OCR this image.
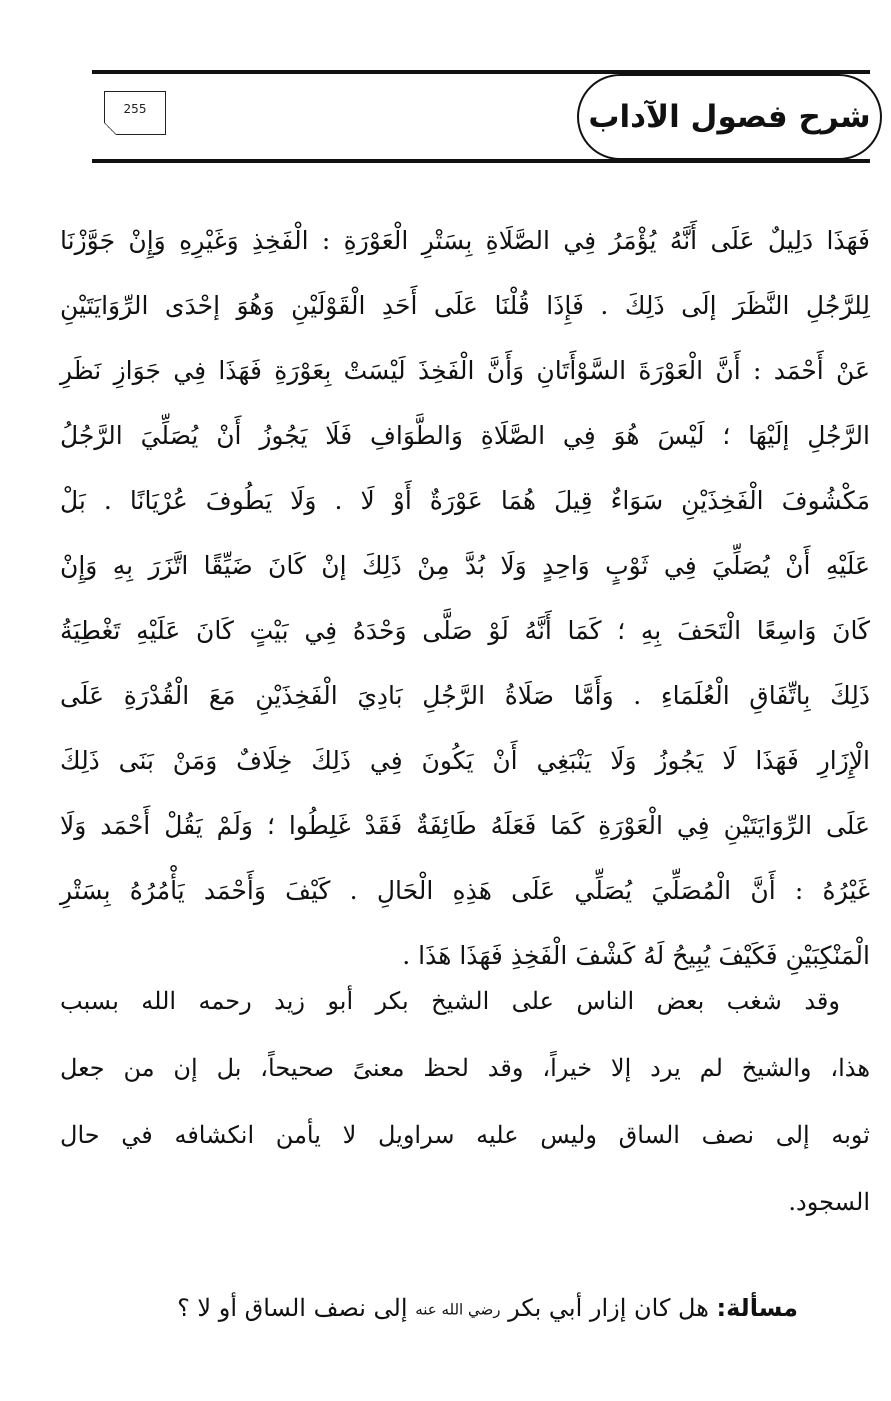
شرح فصول الآداب
255
فَهَذَا دَلِيلٌ عَلَى أَنَّهُ يُؤْمَرُ فِي الصَّلَاةِ بِسَتْرِ الْعَوْرَةِ : الْفَخِذِ وَغَيْرِهِ وَإِنْ جَوَّزْنَا
لِلرَّجُلِ النَّظَرَ إلَى ذَلِكَ . فَإِذَا قُلْنَا عَلَى أَحَدِ الْقَوْلَيْنِ وَهُوَ إحْدَى الرِّوَايَتَيْنِ
عَنْ أَحْمَد : أَنَّ الْعَوْرَةَ السَّوْأَتَانِ وَأَنَّ الْفَخِذَ لَيْسَتْ بِعَوْرَةِ فَهَذَا فِي جَوَازِ نَظَرِ
الرَّجُلِ إلَيْهَا ؛ لَيْسَ هُوَ فِي الصَّلَاةِ وَالطَّوَافِ فَلَا يَجُوزُ أَنْ يُصَلِّيَ الرَّجُلُ
مَكْشُوفَ الْفَخِذَيْنِ سَوَاءٌ قِيلَ هُمَا عَوْرَةٌ أَوْ لَا . وَلَا يَطُوفَ عُرْيَانًا . بَلْ
عَلَيْهِ أَنْ يُصَلِّيَ فِي ثَوْبٍ وَاحِدٍ وَلَا بُدَّ مِنْ ذَلِكَ إنْ كَانَ ضَيِّقًا اتَّزَرَ بِهِ وَإِنْ
كَانَ وَاسِعًا الْتَحَفَ بِهِ ؛ كَمَا أَنَّهُ لَوْ صَلَّى وَحْدَهُ فِي بَيْتٍ كَانَ عَلَيْهِ تَغْطِيَةُ
ذَلِكَ بِاتِّفَاقِ الْعُلَمَاءِ . وَأَمَّا صَلَاةُ الرَّجُلِ بَادِيَ الْفَخِذَيْنِ مَعَ الْقُدْرَةِ عَلَى
الْإِزَارِ فَهَذَا لَا يَجُوزُ وَلَا يَنْبَغِي أَنْ يَكُونَ فِي ذَلِكَ خِلَافٌ وَمَنْ بَنَى ذَلِكَ
عَلَى الرِّوَايَتَيْنِ فِي الْعَوْرَةِ كَمَا فَعَلَهُ طَائِفَةٌ فَقَدْ غَلِطُوا ؛ وَلَمْ يَقُلْ أَحْمَد وَلَا
غَيْرُهُ : أَنَّ الْمُصَلِّيَ يُصَلِّي عَلَى هَذِهِ الْحَالِ . كَيْفَ وَأَحْمَد يَأْمُرُهُ بِسَتْرِ
الْمَنْكِبَيْنِ فَكَيْفَ يُبِيحُ لَهُ كَشْفَ الْفَخِذِ فَهَذَا هَذَا .
وقد شغب بعض الناس على الشيخ بكر أبو زيد رحمه الله بسبب
هذا، والشيخ لم يرد إلا خيراً، وقد لحظ معنىً صحيحاً، بل إن من جعل
ثوبه إلى نصف الساق وليس عليه سراويل لا يأمن انكشافه في حال
السجود.
مسألة: هل كان إزار أبي بكر رضي الله عنه إلى نصف الساق أو لا ؟
